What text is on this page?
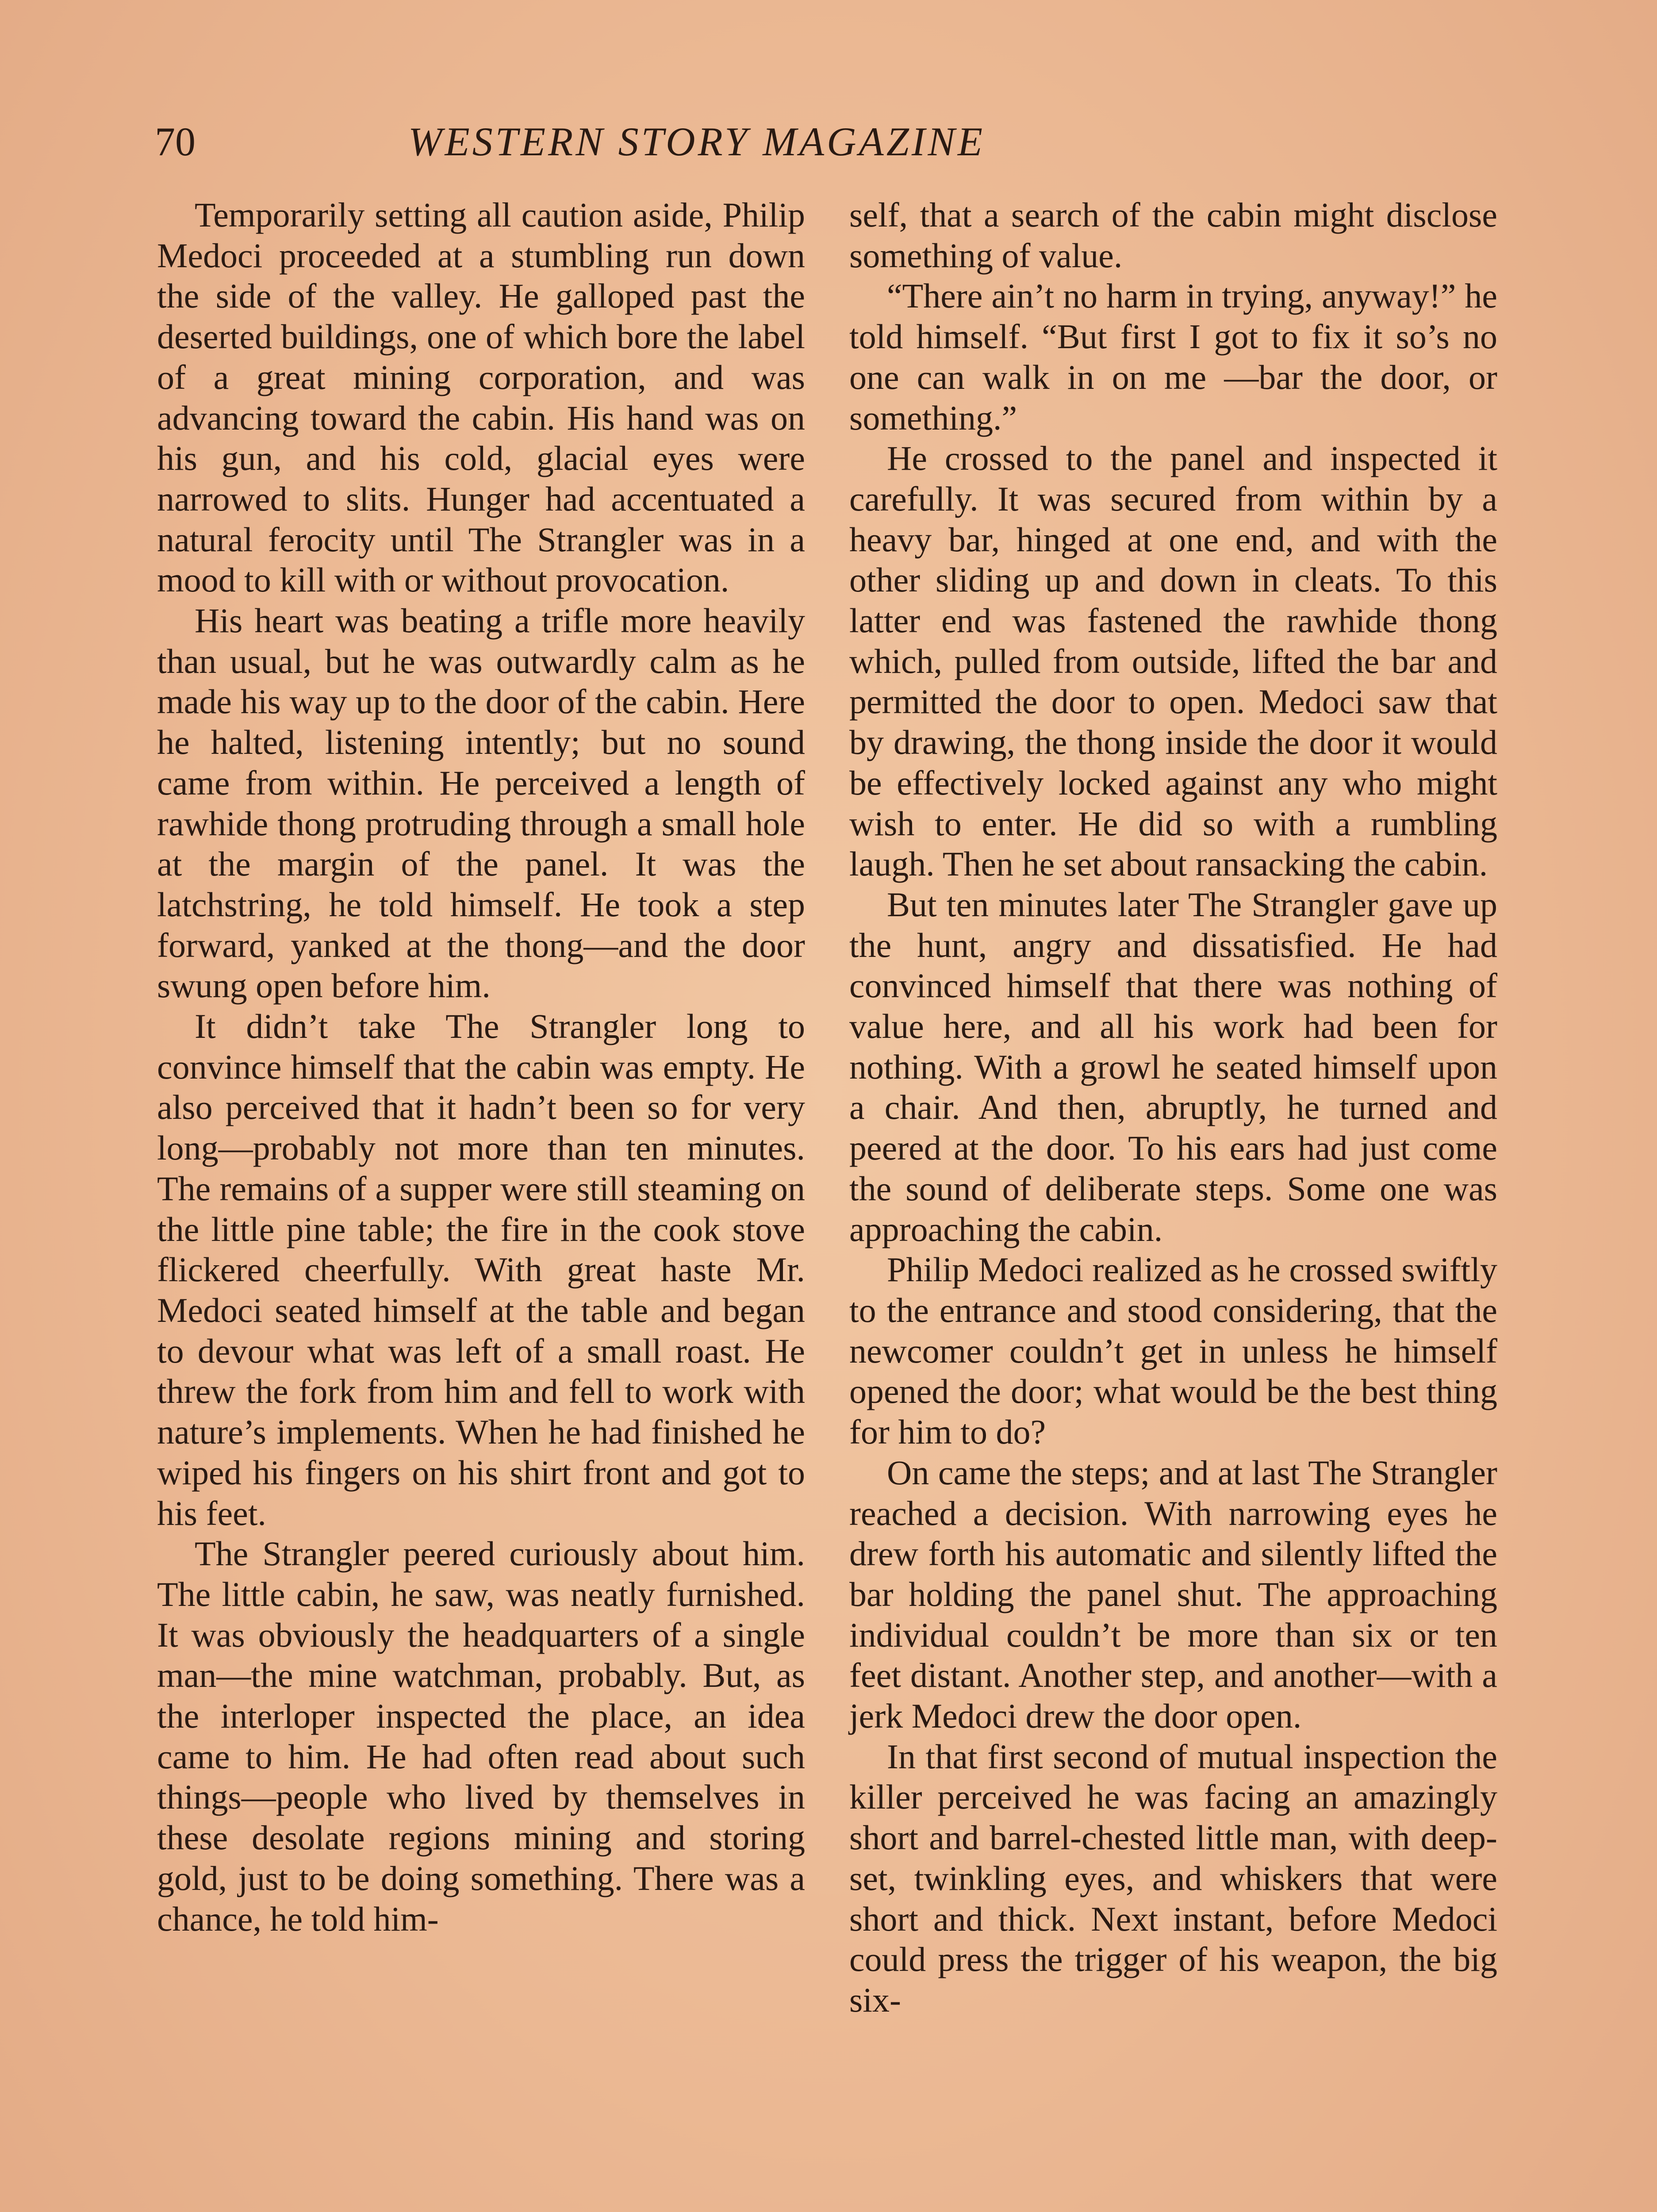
70	WESTERN STORY MAGAZINE

Temporarily setting all caution aside, Philip Medoci proceeded at a stumbling run down the side of the valley. He galloped past the deserted buildings, one of which bore the label of a great mining corporation, and was advancing toward the cabin. His hand was on his gun, and his cold, glacial eyes were narrowed to slits. Hunger had accentuated a natural ferocity until The Strangler was in a mood to kill with or without provocation.

His heart was beating a trifle more heavily than usual, but he was outwardly calm as he made his way up to the door of the cabin. Here he halted, listening intently; but no sound came from within. He perceived a length of rawhide thong protruding through a small hole at the margin of the panel. It was the latchstring, he told himself. He took a step forward, yanked at the thong—and the door swung open before him.

It didn’t take The Strangler long to convince himself that the cabin was empty. He also perceived that it hadn’t been so for very long—probably not more than ten minutes. The remains of a supper were still steaming on the little pine table; the fire in the cook stove flickered cheerfully. With great haste Mr. Medoci seated himself at the table and began to devour what was left of a small roast. He threw the fork from him and fell to work with nature’s implements. When he had finished he wiped his fingers on his shirt front and got to his feet.

The Strangler peered curiously about him. The little cabin, he saw, was neatly furnished. It was obviously the headquarters of a single man—the mine watchman, probably. But, as the interloper inspected the place, an idea came to him. He had often read about such things—people who lived by themselves in these desolate regions mining and storing gold, just to be doing something. There was a chance, he told him-

self, that a search of the cabin might disclose something of value.

“There ain’t no harm in trying, anyway!” he told himself. “But first I got to fix it so’s no one can walk in on me —bar the door, or something.”

He crossed to the panel and inspected it carefully. It was secured from within by a heavy bar, hinged at one end, and with the other sliding up and down in cleats. To this latter end was fastened the rawhide thong which, pulled from outside, lifted the bar and permitted the door to open. Medoci saw that by drawing, the thong inside the door it would be effectively locked against any who might wish to enter. He did so with a rumbling laugh. Then he set about ransacking the cabin.

But ten minutes later The Strangler gave up the hunt, angry and dissatisfied. He had convinced himself that there was nothing of value here, and all his work had been for nothing. With a growl he seated himself upon a chair. And then, abruptly, he turned and peered at the door. To his ears had just come the sound of deliberate steps. Some one was approaching the cabin.

Philip Medoci realized as he crossed swiftly to the entrance and stood considering, that the newcomer couldn’t get in unless he himself opened the door; what would be the best thing for him to do?

On came the steps; and at last The Strangler reached a decision. With narrowing eyes he drew forth his automatic and silently lifted the bar holding the panel shut. The approaching individual couldn’t be more than six or ten feet distant. Another step, and another—with a jerk Medoci drew the door open.

In that first second of mutual inspection the killer perceived he was facing an amazingly short and barrel-chested little man, with deep-set, twinkling eyes, and whiskers that were short and thick. Next instant, before Medoci could press the trigger of his weapon, the big six-
